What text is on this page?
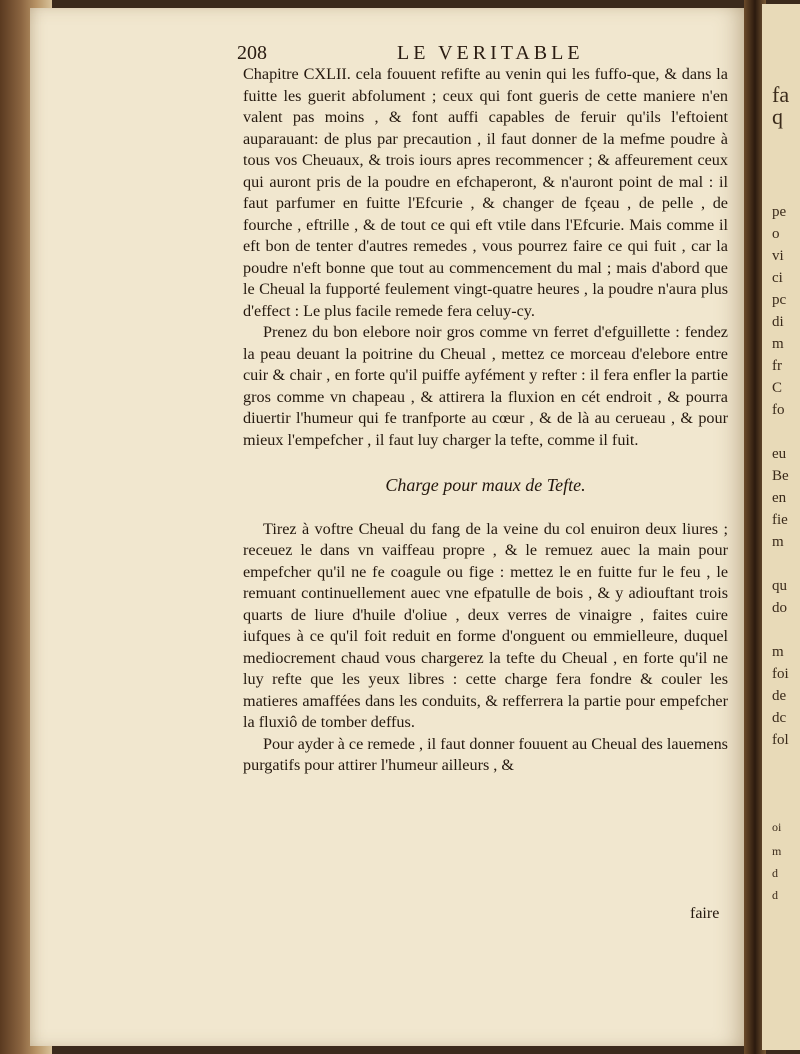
208	LE VERITABLE

Chapitre CXLII. cela fouuent refifte au venin qui les fuffo-que, & dans la fuitte les guerit abfolument ; ceux qui font gueris de cette maniere n'en valent pas moins , & font auffi capables de feruir qu'ils l'eftoient auparauant: de plus par precaution , il faut donner de la mefme poudre à tous vos Cheuaux, & trois iours apres recommencer ; & affeurement ceux qui auront pris de la poudre en efchaperont, & n'auront point de mal : il faut parfumer en fuitte l'Efcurie , & changer de fçeau , de pelle , de fourche , eftrille , & de tout ce qui eft vtile dans l'Efcurie. Mais comme il eft bon de tenter d'autres remedes , vous pourrez faire ce qui fuit , car la poudre n'eft bonne que tout au commencement du mal ; mais d'abord que le Cheual la fupporté feulement vingt-quatre heures , la poudre n'aura plus d'effect : Le plus facile remede fera celuy-cy.

Prenez du bon elebore noir gros comme vn ferret d'efguillette : fendez la peau deuant la poitrine du Cheual , mettez ce morceau d'elebore entre cuir & chair , en forte qu'il puiffe ayfément y refter : il fera enfler la partie gros comme vn chapeau , & attirera la fluxion en cét endroit , & pourra diuertir l'humeur qui fe tranfporte au cœur , & de là au cerueau , & pour mieux l'empefcher , il faut luy charger la tefte, comme il fuit.

Charge pour maux de Tefte.

Tirez à voftre Cheual du fang de la veine du col enuiron deux liures ; receuez le dans vn vaiffeau propre , & le remuez auec la main pour empefcher qu'il ne fe coagule ou fige : mettez le en fuitte fur le feu , le remuant continuellement auec vne efpatulle de bois , & y adiouftant trois quarts de liure d'huile d'oliue , deux verres de vinaigre , faites cuire iufques à ce qu'il foit reduit en forme d'onguent ou emmielleure, duquel mediocrement chaud vous chargerez la tefte du Cheual , en forte qu'il ne luy refte que les yeux libres : cette charge fera fondre & couler les matieres amaffées dans les conduits, & refferrera la partie pour empefcher la fluxiô de tomber deffus.

Pour ayder à ce remede , il faut donner fouuent au Cheual des lauemens purgatifs pour attirer l'humeur ailleurs , &

faire
fa
q
pe
o
vi
ci
pc
di
m
fr
C
fo
eu
Be
en
fie
m
qu
do
m
foi
de
dc
fol
oi
m
d
d
